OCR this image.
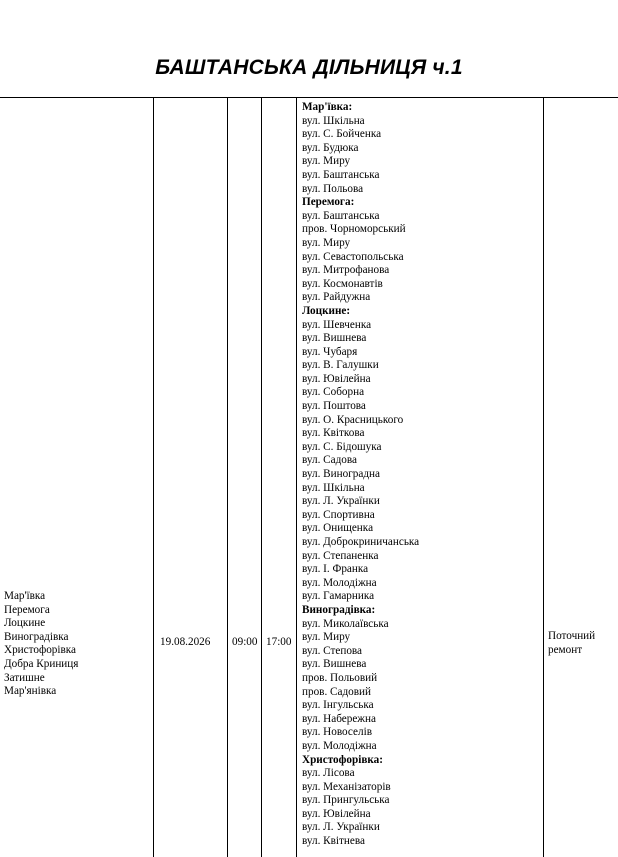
БАШТАНСЬКА ДІЛЬНИЦЯ ч.1
Мар'ївка
Перемога
Лоцкине
Виноградівка
Христофорівка
Добра Криниця
Затишне
Мар'янівка
19.08.2026 09:00 17:00
Мар'ївка:
вул. Шкільна
вул. С. Бойченка
вул. Будюка
вул. Миру
вул. Баштанська
вул. Польова
Перемога:
вул. Баштанська
пров. Чорноморський
вул. Миру
вул. Севастопольська
вул. Митрофанова
вул. Космонавтів
вул. Райдужна
Лоцкине:
вул. Шевченка
вул. Вишнева
вул. Чубаря
вул. В. Галушки
вул. Ювілейна
вул. Соборна
вул. Поштова
вул. О. Красницького
вул. Квіткова
вул. С. Бідошука
вул. Садова
вул. Виноградна
вул. Шкільна
вул. Л. Українки
вул. Спортивна
вул. Онищенка
вул. Доброкриничанська
вул. Степаненка
вул. І. Франка
вул. Молодіжна
вул. Гамарника
Виноградівка:
вул. Миколаївська
вул. Миру
вул. Степова
вул. Вишнева
пров. Польовий
пров. Садовий
вул. Інгульська
вул. Набережна
вул. Новоселів
вул. Молодіжна
Христофорівка:
вул. Лісова
вул. Механізаторів
вул. Прингульська
вул. Ювілейна
вул. Л. Українки
вул. Квітнева
Поточний
ремонт
